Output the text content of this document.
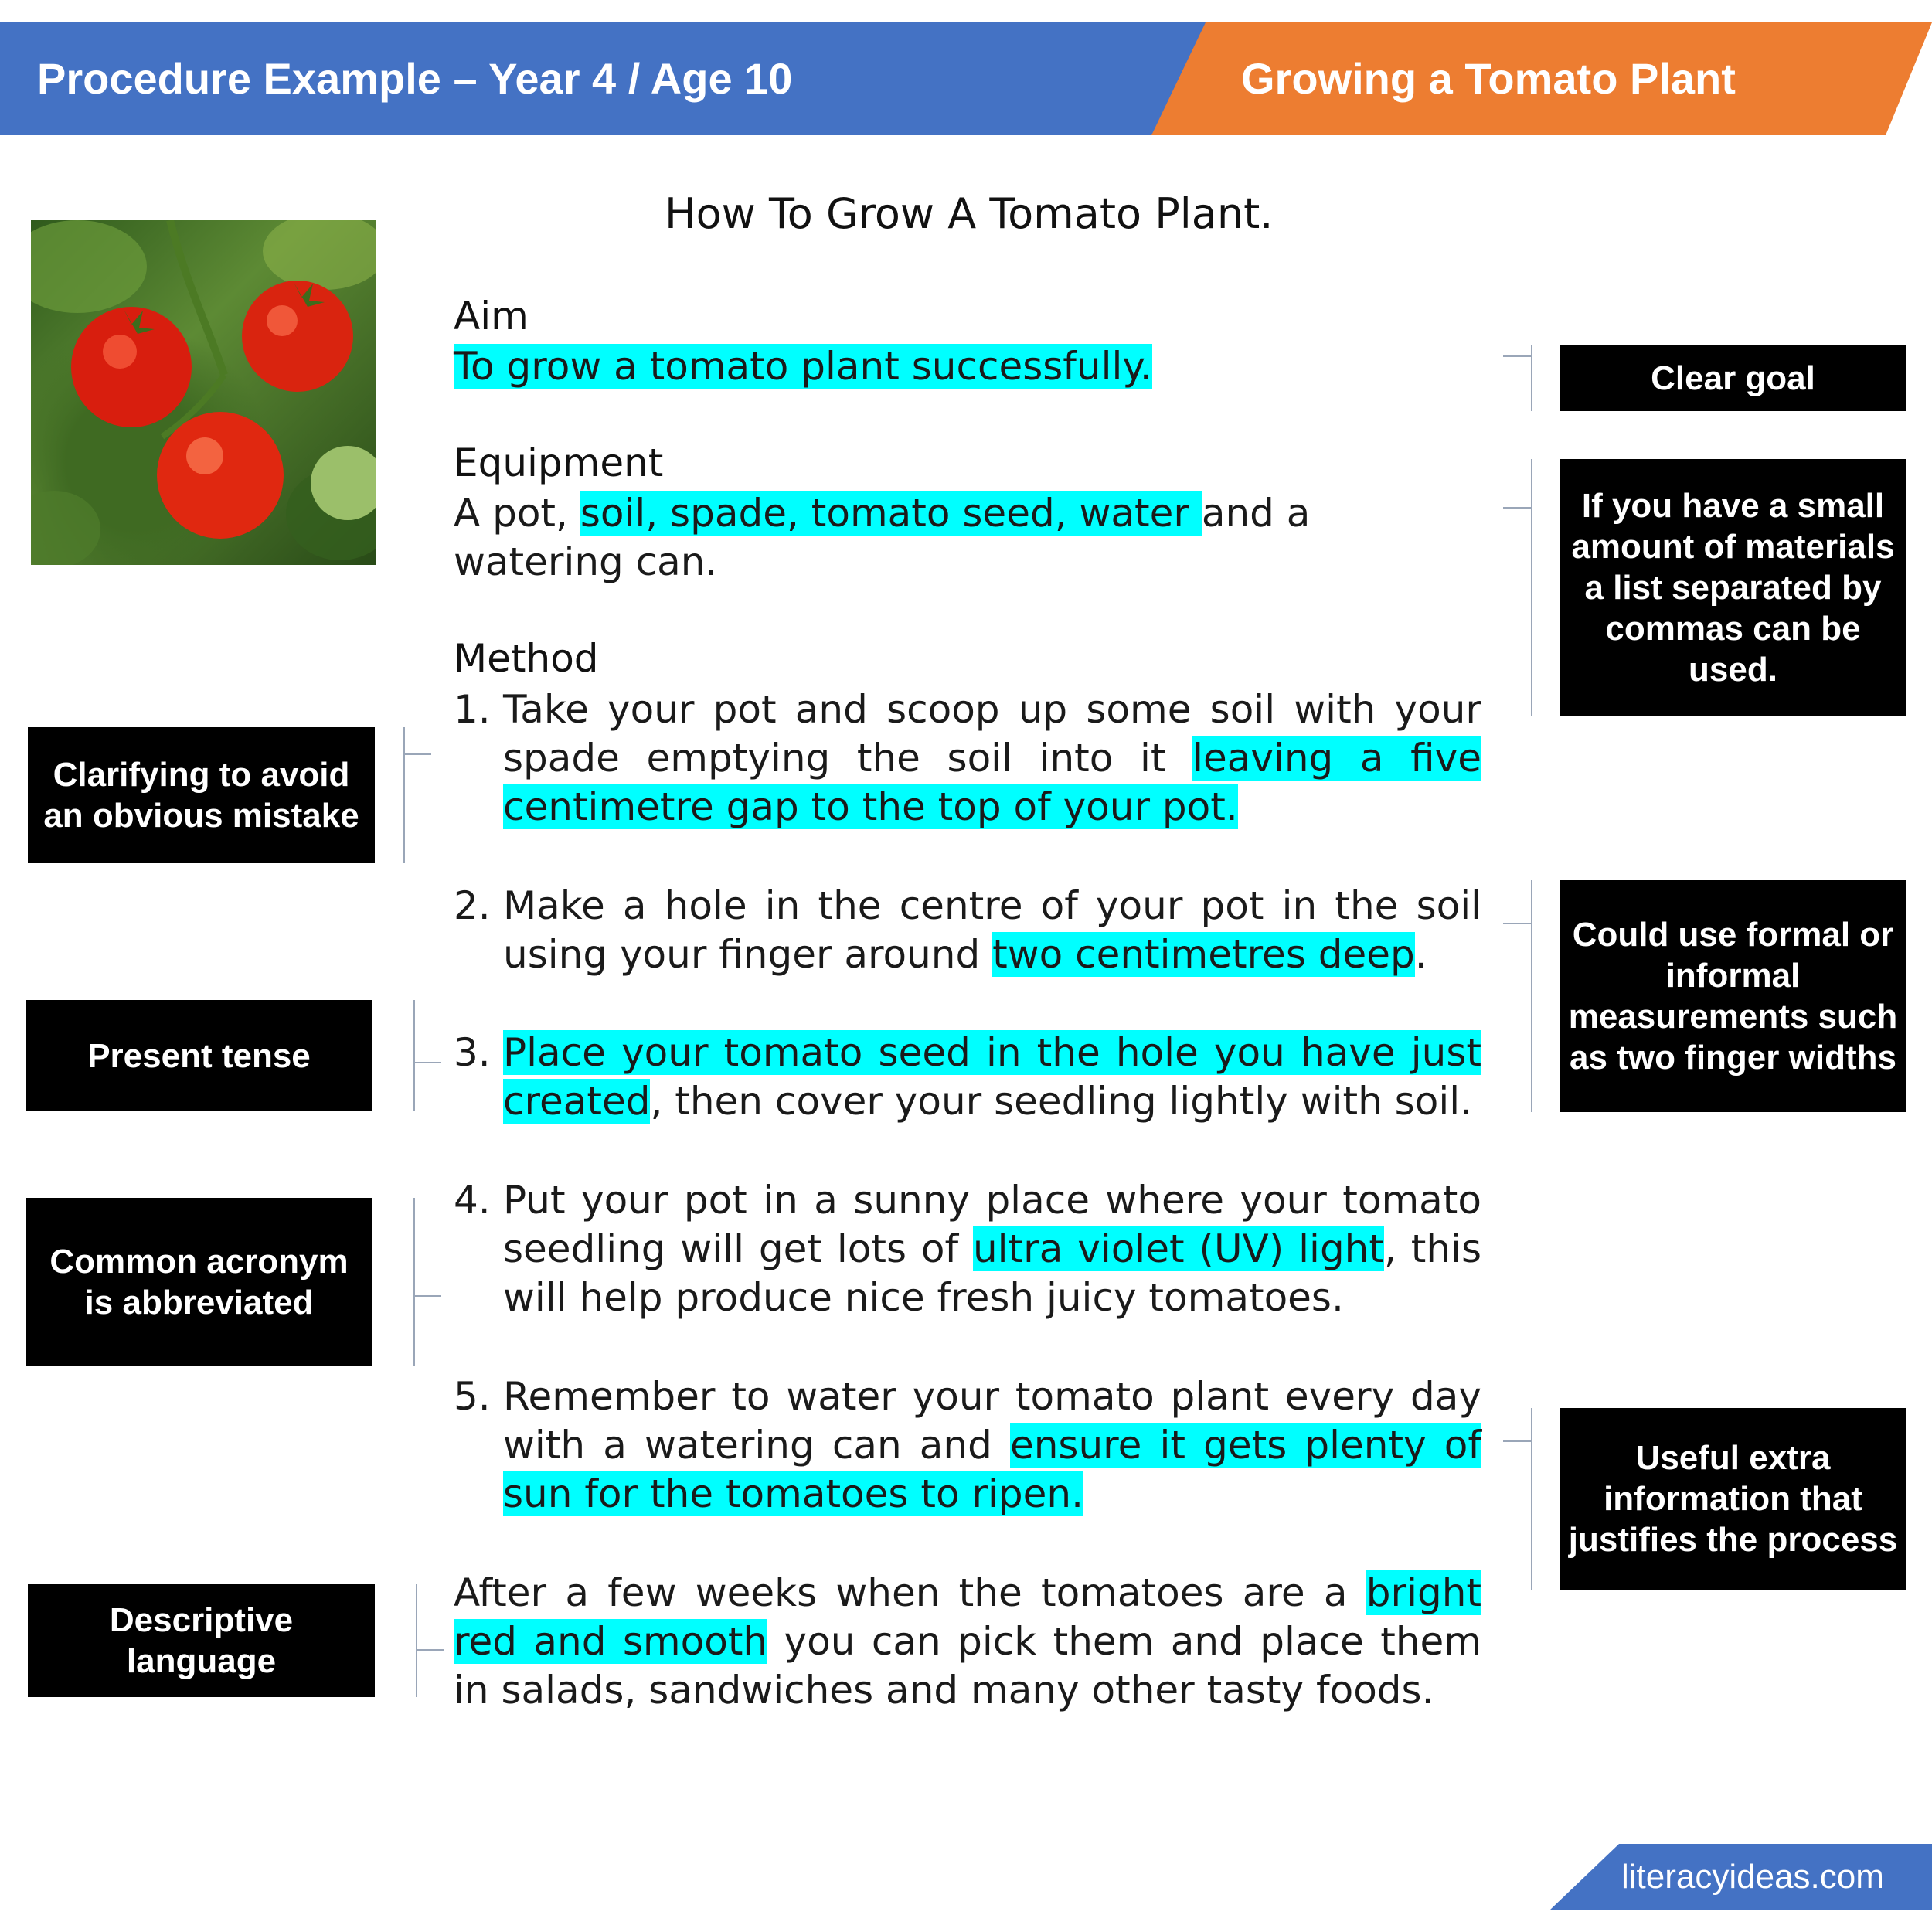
Procedure Example – Year 4 / Age 10	Growing a Tomato Plant
How To Grow A Tomato Plant.
Aim
To grow a tomato plant successfully.
Equipment
A pot, soil, spade, tomato seed, water and a watering can.
Method
1. Take your pot and scoop up some soil with your spade emptying the soil into it leaving a five centimetre gap to the top of your pot.
2. Make a hole in the centre of your pot in the soil using your finger around two centimetres deep.
3. Place your tomato seed in the hole you have just created, then cover your seedling lightly with soil.
4. Put your pot in a sunny place where your tomato seedling will get lots of ultra violet (UV) light, this will help produce nice fresh juicy tomatoes.
5. Remember to water your tomato plant every day with a watering can and ensure it gets plenty of sun for the tomatoes to ripen.
After a few weeks when the tomatoes are a bright red and smooth you can pick them and place them in salads, sandwiches and many other tasty foods.
Clarifying to avoid an obvious mistake
Present tense
Common acronym is abbreviated
Descriptive language
Clear goal
If you have a small amount of materials a list separated by commas can be used.
Could use formal or informal measurements such as two finger widths
Useful extra information that justifies the process
literacyideas.com
